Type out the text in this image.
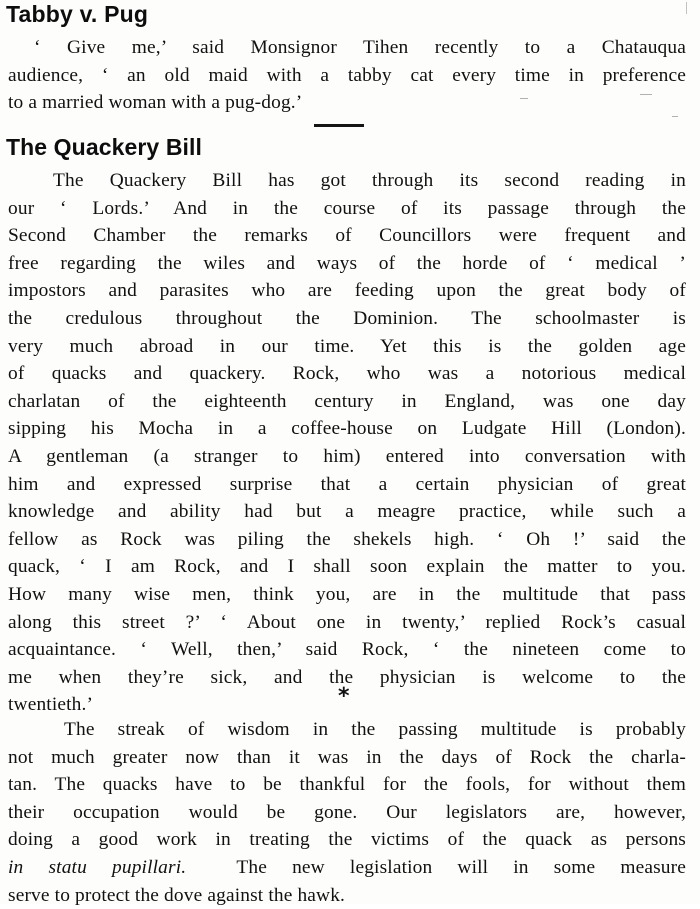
Tabby v. Pug

‘ Give me,’ said Monsignor Tihen recently to a Chatauqua
audience, ‘ an old maid with a tabby cat every time in preference
to a married woman with a pug-dog.’

The Quackery Bill

The Quackery Bill has got through its second reading in
our ‘ Lords.’ And in the course of its passage through the
Second Chamber the remarks of Councillors were frequent and
free regarding the wiles and ways of the horde of ‘ medical ’
impostors and parasites who are feeding upon the great body of
the credulous throughout the Dominion. The schoolmaster is
very much abroad in our time. Yet this is the golden age
of quacks and quackery. Rock, who was a notorious medical
charlatan of the eighteenth century in England, was one day
sipping his Mocha in a coffee-house on Ludgate Hill (London).
A gentleman (a stranger to him) entered into conversation with
him and expressed surprise that a certain physician of great
knowledge and ability had but a meagre practice, while such a
fellow as Rock was piling the shekels high. ‘ Oh !’ said the
quack, ‘ I am Rock, and I shall soon explain the matter to you.
How many wise men, think you, are in the multitude that pass
along this street ?’ ‘ About one in twenty,’ replied Rock’s casual
acquaintance. ‘ Well, then,’ said Rock, ‘ the nineteen come to
me when they’re sick, and the physician is welcome to the
twentieth.’	*

The streak of wisdom in the passing multitude is probably
not much greater now than it was in the days of Rock the charla-
tan. The quacks have to be thankful for the fools, for without them
their occupation would be gone. Our legislators are, however,
doing a good work in treating the victims of the quack as persons
in statu pupillari.	The new legislation will in some measure
serve to protect the dove against the hawk.
